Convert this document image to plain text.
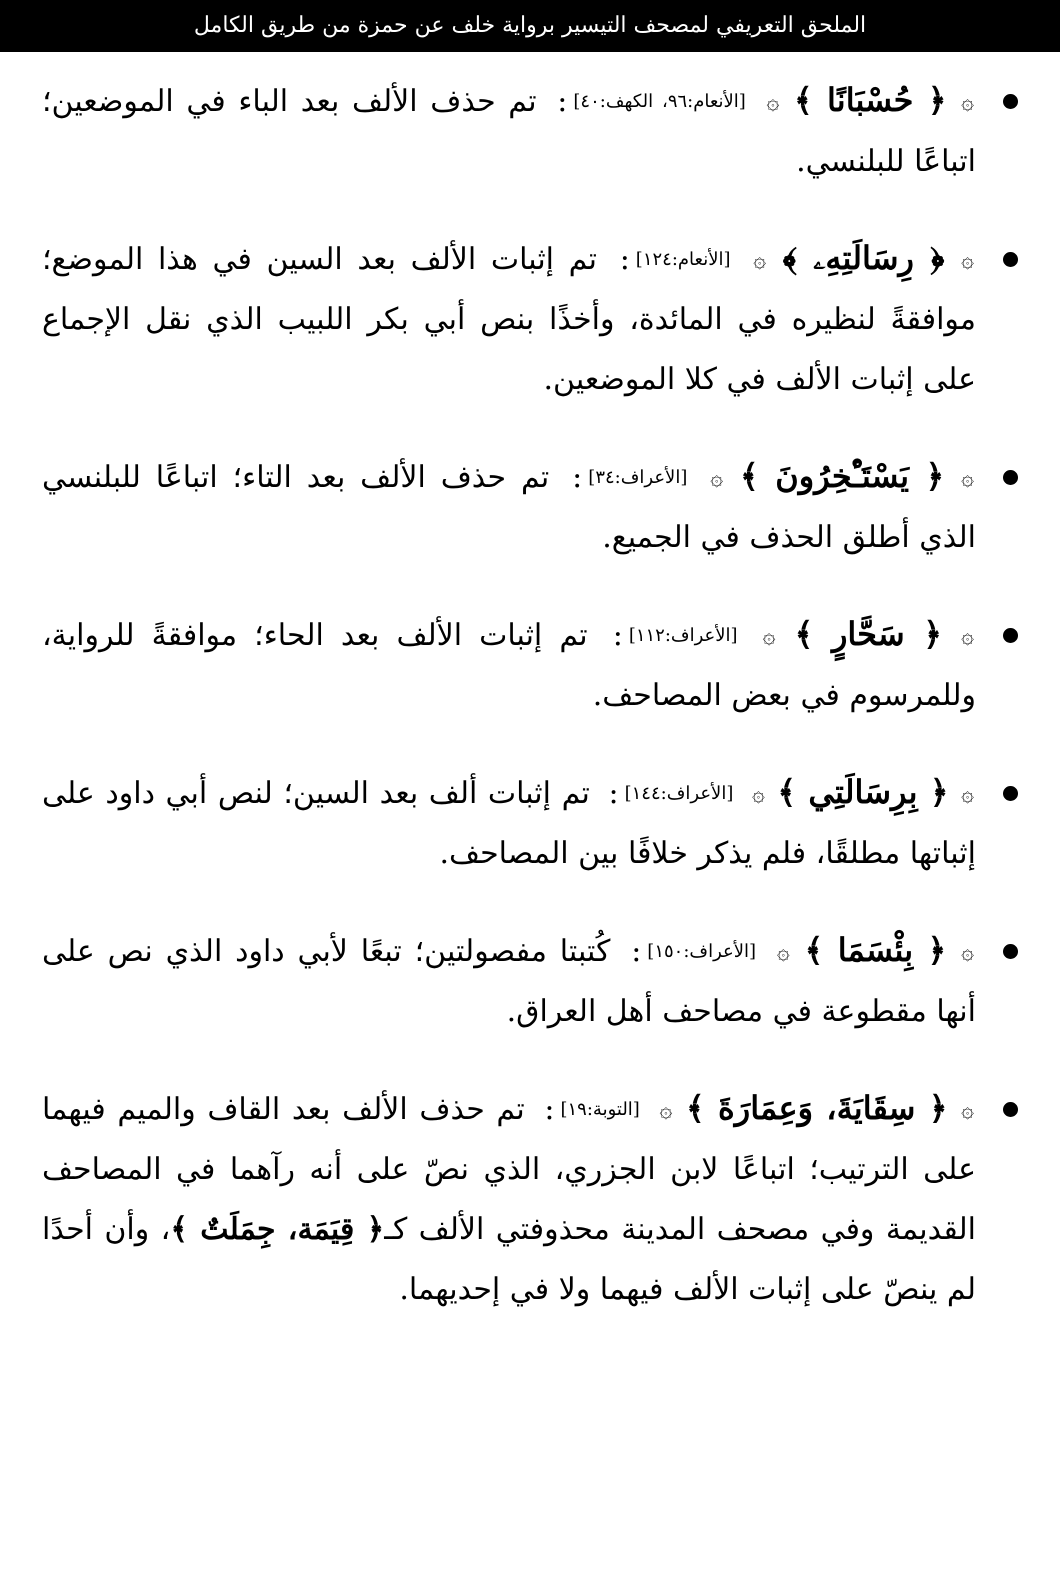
الملحق التعريفي لمصحف التيسير برواية خلف عن حمزة من طريق الكامل
۞ ﴿ حُسْبَانًا ﴾ ۞ [الأنعام:٩٦، الكهف:٤٠]: تم حذف الألف بعد الباء في الموضعين؛ اتباعًا للبلنسي.
۞ ﴿ رِسَالَتِهِۦ ﴾ ۞ [الأنعام:١٢٤]: تم إثبات الألف بعد السين في هذا الموضع؛ موافقةً لنظيره في المائدة، وأخذًا بنص أبي بكر اللبيب الذي نقل الإجماع على إثبات الألف في كلا الموضعين.
۞ ﴿ يَسْتَـْٔخِرُونَ ﴾ ۞ [الأعراف:٣٤]: تم حذف الألف بعد التاء؛ اتباعًا للبلنسي الذي أطلق الحذف في الجميع.
۞ ﴿ سَحَّارٍ ﴾ ۞ [الأعراف:١١٢]: تم إثبات الألف بعد الحاء؛ موافقةً للرواية، وللمرسوم في بعض المصاحف.
۞ ﴿ بِرِسَالَتِي ﴾ ۞ [الأعراف:١٤٤]: تم إثبات ألف بعد السين؛ لنص أبي داود على إثباتها مطلقًا، فلم يذكر خلافًا بين المصاحف.
۞ ﴿ بِئْسَمَا ﴾ ۞ [الأعراف:١٥٠]: كُتبتا مفصولتين؛ تبعًا لأبي داود الذي نص على أنها مقطوعة في مصاحف أهل العراق.
۞ ﴿ سِقَايَةَ، وَعِمَارَةَ ﴾ ۞ [التوبة:١٩]: تم حذف الألف بعد القاف والميم فيهما على الترتيب؛ اتباعًا لابن الجزري، الذي نصّ على أنه رآهما في المصاحف القديمة وفي مصحف المدينة محذوفتي الألف كـ﴿ قِيَمَة، جِمَلَتٌ ﴾، وأن أحدًا لم ينصّ على إثبات الألف فيهما ولا في إحديهما.
